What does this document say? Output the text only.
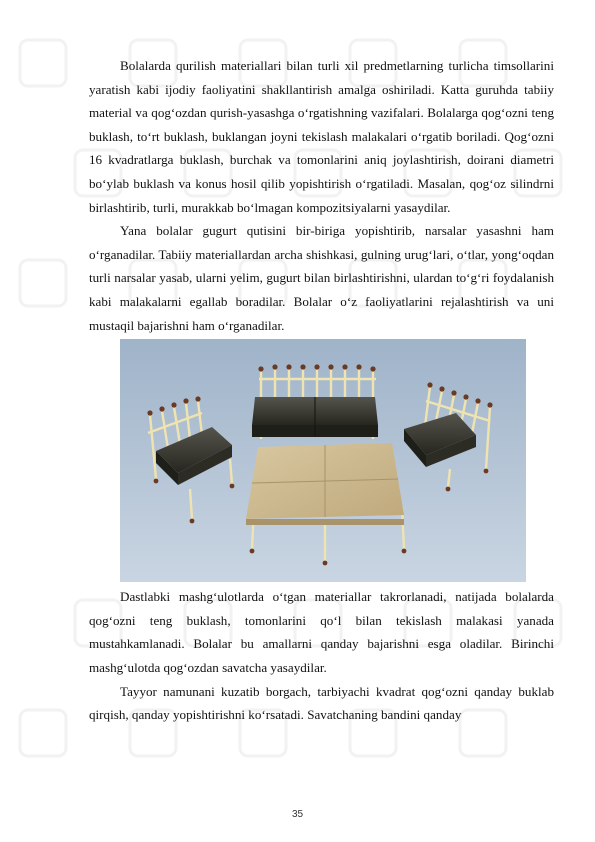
Bolalarda qurilish materiallari bilan turli xil predmetlarning turlicha timsollarini yaratish kabi ijodiy faoliyatini shakllantirish amalga oshiriladi. Katta guruhda tabiiy material va qog‘ozdan qurish-yasashga o‘rgatishning vazifalari. Bolalarga qog‘ozni teng buklash, to‘rt buklash, buklangan joyni tekislash malakalari o‘rgatib boriladi. Qog‘ozni 16 kvadratlarga buklash, burchak va tomonlarini aniq joylashtirish, doirani diametri bo‘ylab buklash va konus hosil qilib yopishtirish o‘rgatiladi. Masalan, qog‘oz silindrni birlashtirib, turli, murakkab bo‘lmagan kompozitsiyalarni yasaydilar.

Yana bolalar gugurt qutisini bir-biriga yopishtirib, narsalar yasashni ham o‘rganadilar. Tabiiy materiallardan archa shishkasi, gulning urug‘lari, o‘tlar, yong‘oqdan turli narsalar yasab, ularni yelim, gugurt bilan birlashtirishni, ulardan to‘g‘ri foydalanish kabi malakalarni egallab boradilar. Bolalar o‘z faoliyatlarini rejalashtirish va uni mustaqil bajarishni ham o‘rganadilar.

Dastlabki mashg‘ulotlarda o‘tgan materiallar takrorlanadi, natijada bolalarda qog‘ozni teng buklash, tomonlarini qo‘l bilan tekislash malakasi yanada mustahkamlanadi. Bolalar bu amallarni qanday bajarishni esga oladilar. Birinchi mashg‘ulotda qog‘ozdan savatcha yasaydilar.

Tayyor namunani kuzatib borgach, tarbiyachi kvadrat qog‘ozni qanday buklab qirqish, qanday yopishtirishni ko‘rsatadi. Savatchaning bandini qanday

35
